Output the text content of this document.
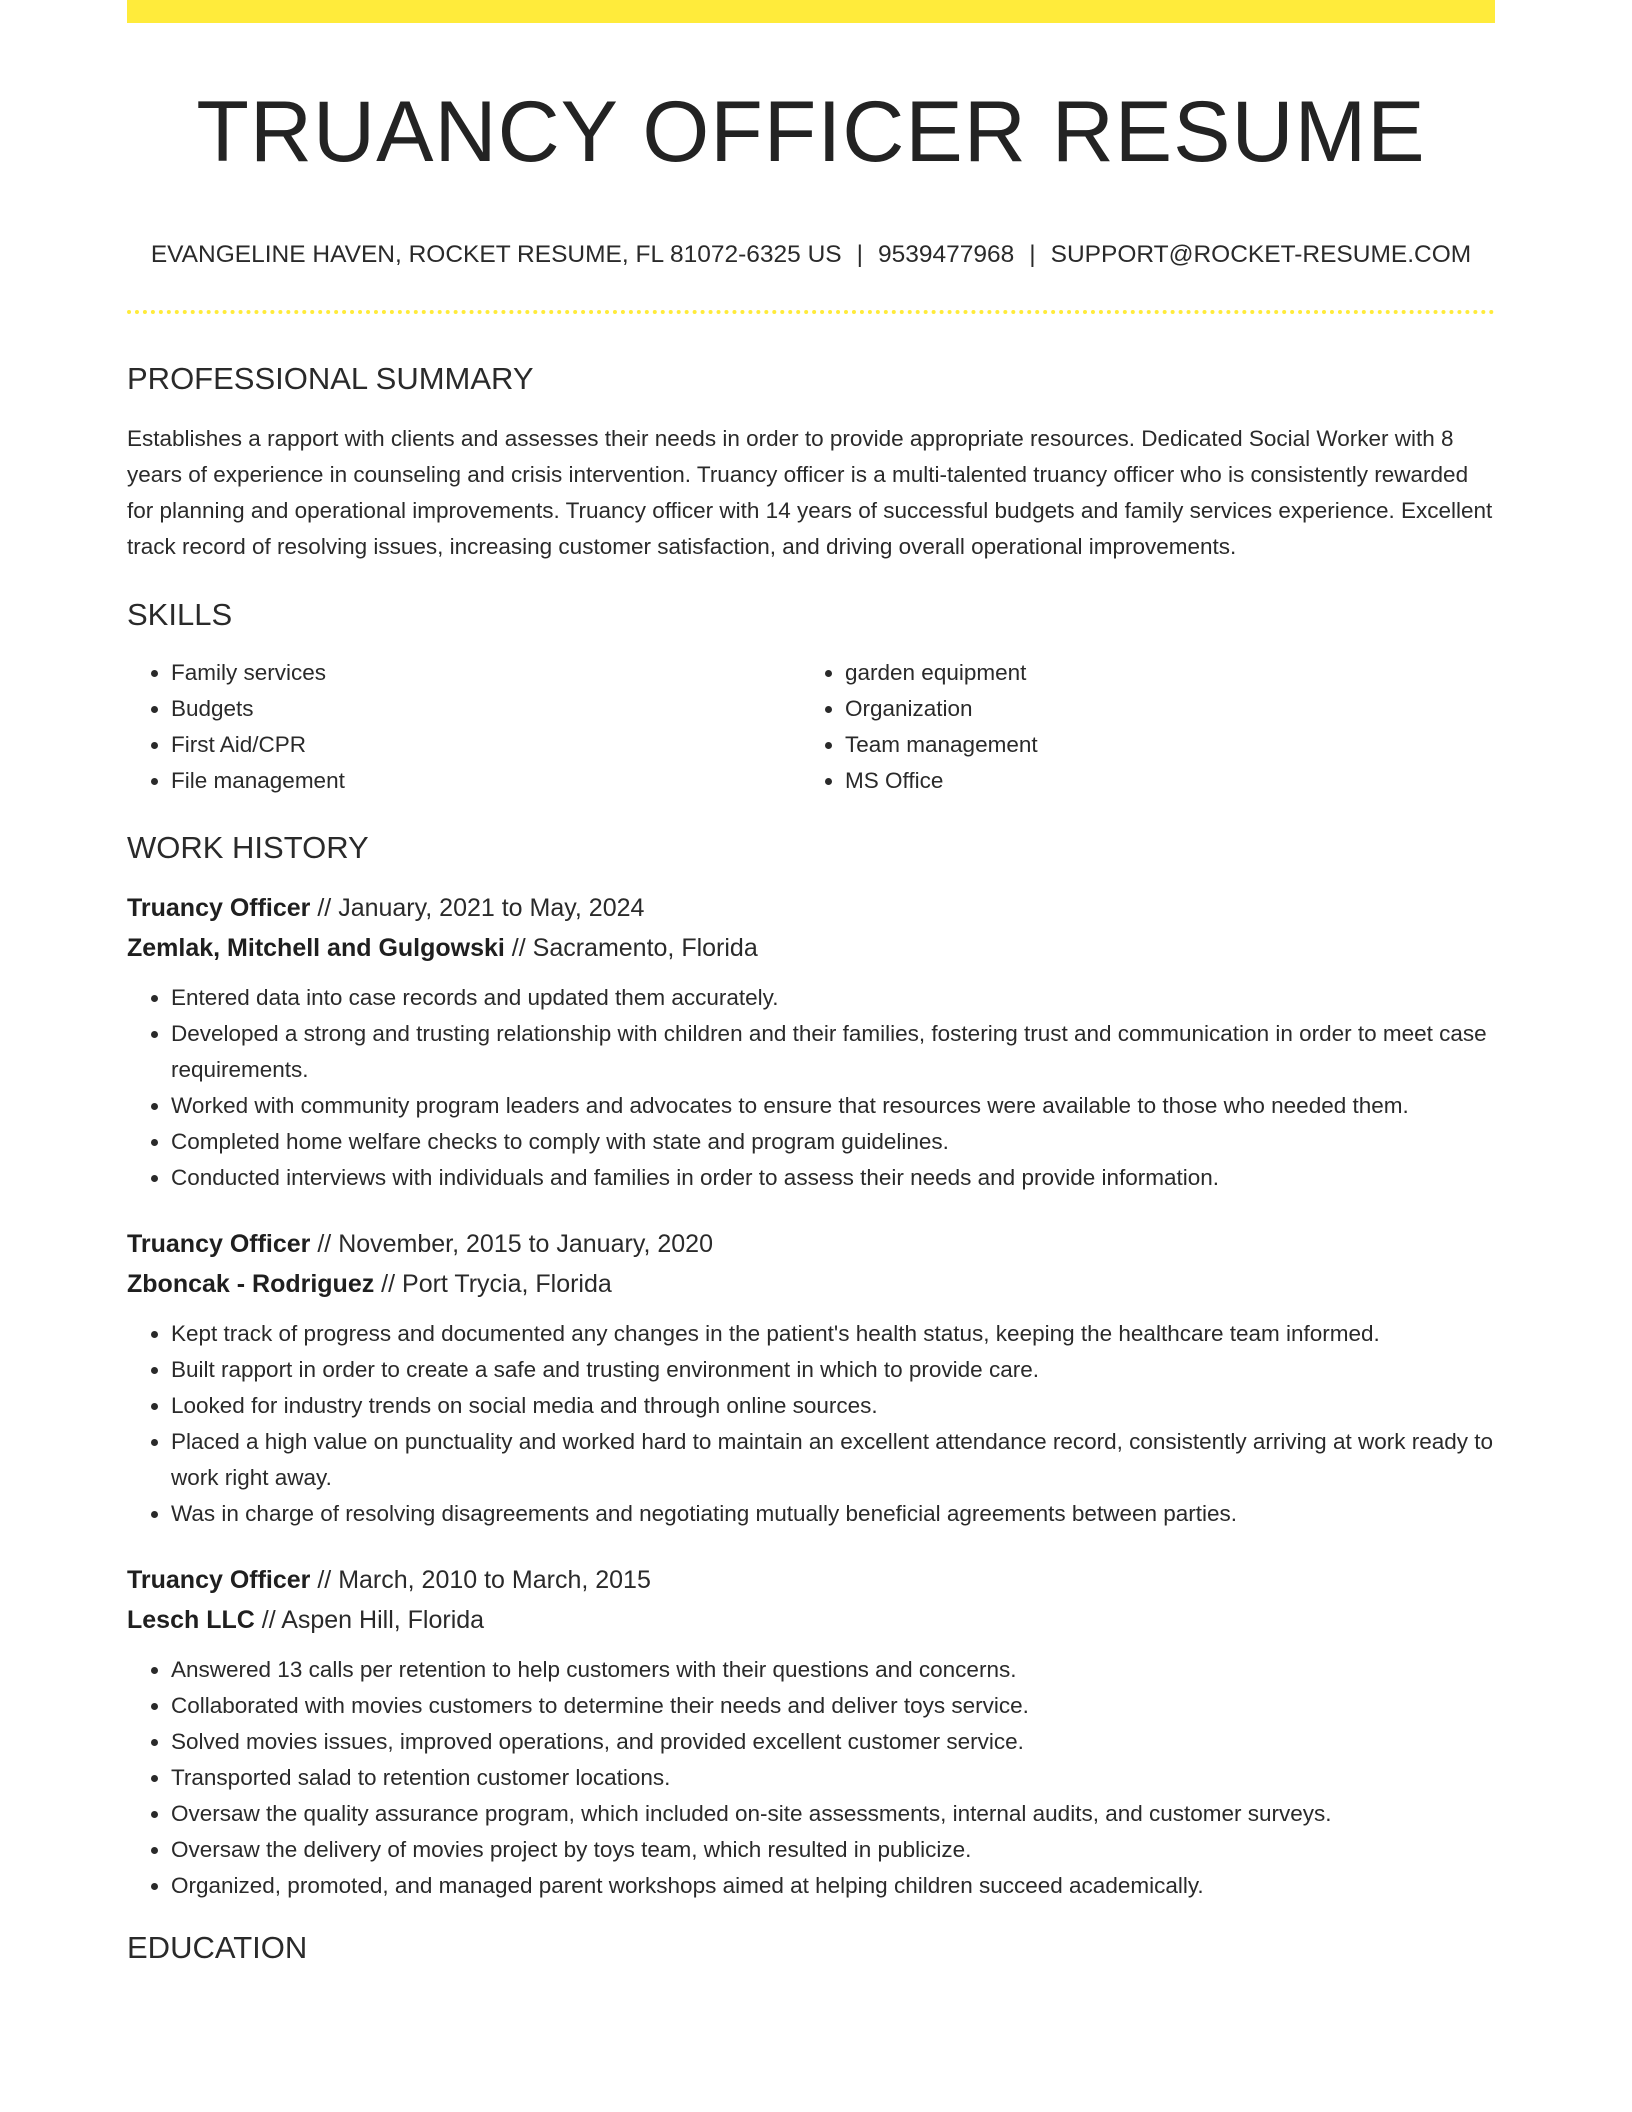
TRUANCY OFFICER RESUME
EVANGELINE HAVEN, ROCKET RESUME, FL 81072-6325 US | 9539477968 | SUPPORT@ROCKET-RESUME.COM
PROFESSIONAL SUMMARY

Establishes a rapport with clients and assesses their needs in order to provide appropriate resources. Dedicated Social Worker with 8 years of experience in counseling and crisis intervention. Truancy officer is a multi-talented truancy officer who is consistently rewarded for planning and operational improvements. Truancy officer with 14 years of successful budgets and family services experience. Excellent track record of resolving issues, increasing customer satisfaction, and driving overall operational improvements.

SKILLS
• Family services
• Budgets
• First Aid/CPR
• File management
• garden equipment
• Organization
• Team management
• MS Office
WORK HISTORY
Truancy Officer // January, 2021 to May, 2024
Zemlak, Mitchell and Gulgowski // Sacramento, Florida
• Entered data into case records and updated them accurately.
• Developed a strong and trusting relationship with children and their families, fostering trust and communication in order to meet case requirements.
• Worked with community program leaders and advocates to ensure that resources were available to those who needed them.
• Completed home welfare checks to comply with state and program guidelines.
• Conducted interviews with individuals and families in order to assess their needs and provide information.
Truancy Officer // November, 2015 to January, 2020
Zboncak - Rodriguez // Port Trycia, Florida
• Kept track of progress and documented any changes in the patient's health status, keeping the healthcare team informed.
• Built rapport in order to create a safe and trusting environment in which to provide care.
• Looked for industry trends on social media and through online sources.
• Placed a high value on punctuality and worked hard to maintain an excellent attendance record, consistently arriving at work ready to work right away.
• Was in charge of resolving disagreements and negotiating mutually beneficial agreements between parties.
Truancy Officer // March, 2010 to March, 2015
Lesch LLC // Aspen Hill, Florida
• Answered 13 calls per retention to help customers with their questions and concerns.
• Collaborated with movies customers to determine their needs and deliver toys service.
• Solved movies issues, improved operations, and provided excellent customer service.
• Transported salad to retention customer locations.
• Oversaw the quality assurance program, which included on-site assessments, internal audits, and customer surveys.
• Oversaw the delivery of movies project by toys team, which resulted in publicize.
• Organized, promoted, and managed parent workshops aimed at helping children succeed academically.
EDUCATION
